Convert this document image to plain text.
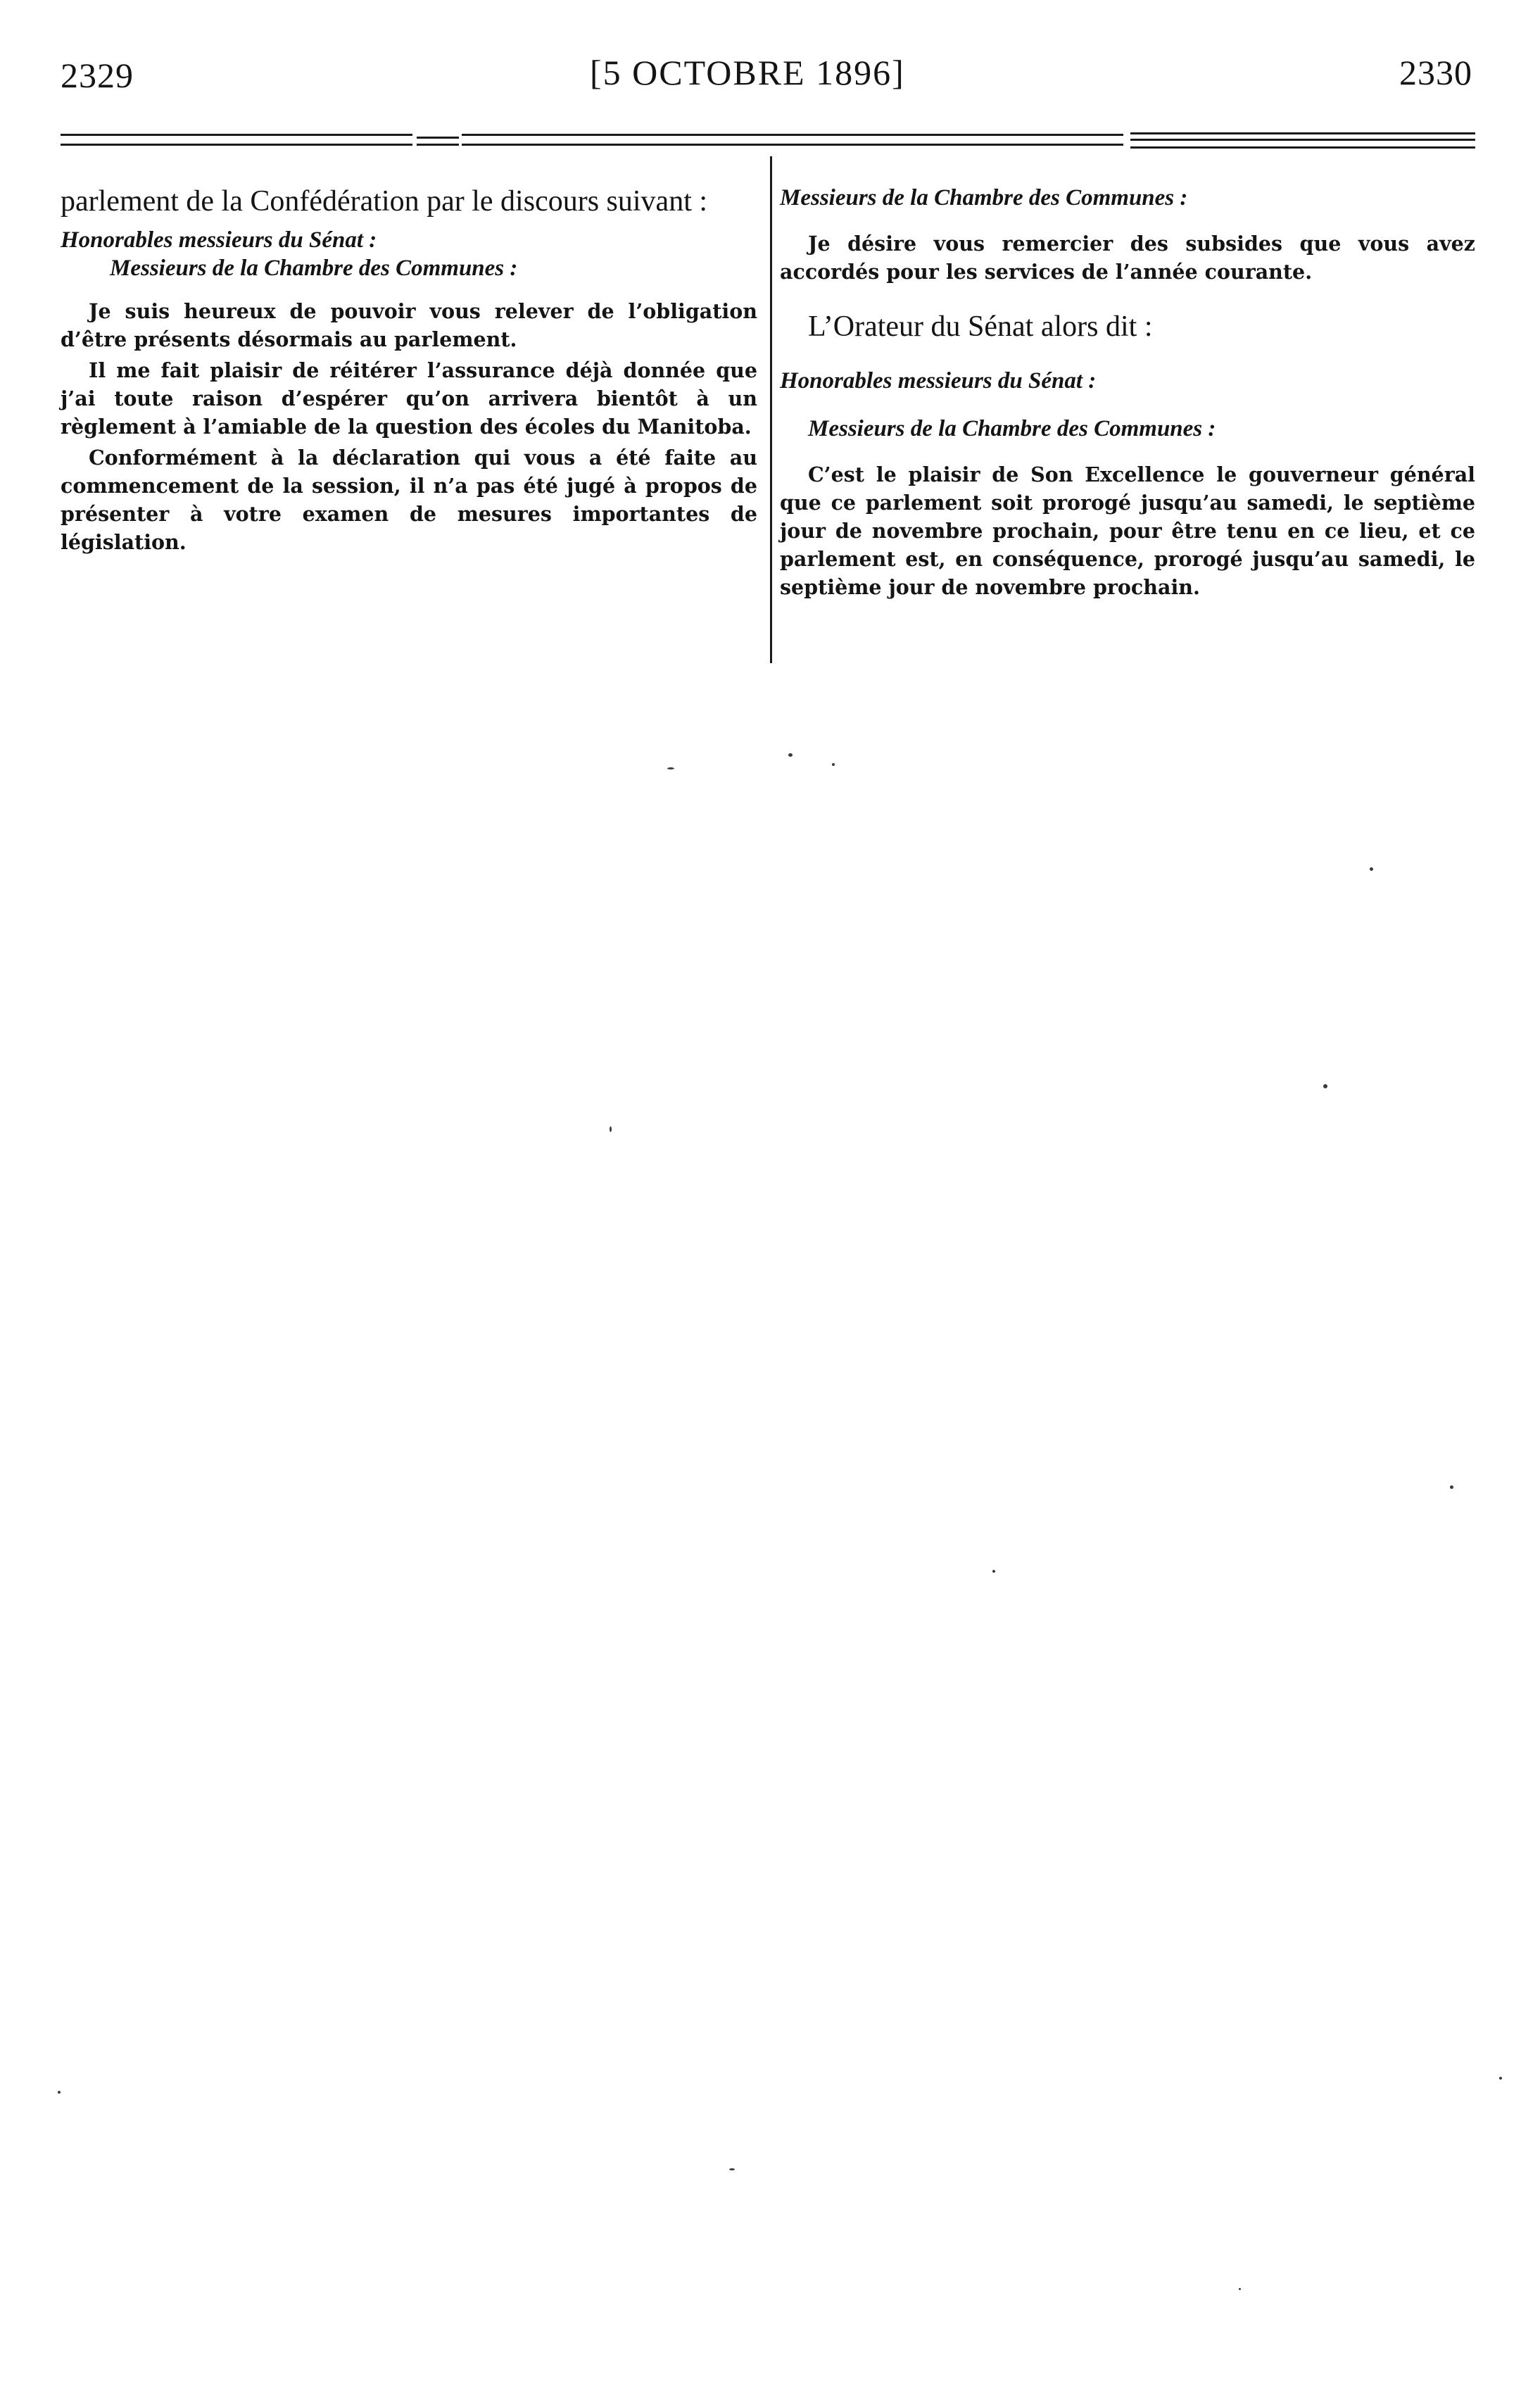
2329	[5 OCTOBRE 1896]	2330

parlement de la Confédération par le discours suivant :

Honorables messieurs du Sénat :

Messieurs de la Chambre des Communes :

Je suis heureux de pouvoir vous relever de l’obligation d’être présents désormais au parlement.

Il me fait plaisir de réitérer l’assurance déjà donnée que j’ai toute raison d’espérer qu’on arrivera bientôt à un règlement à l’amiable de la question des écoles du Manitoba.

Conformément à la déclaration qui vous a été faite au commencement de la session, il n’a pas été jugé à propos de présenter à votre examen de mesures importantes de législation.

Messieurs de la Chambre des Communes :

Je désire vous remercier des subsides que vous avez accordés pour les services de l’année courante.

L’Orateur du Sénat alors dit :

Honorables messieurs du Sénat :

Messieurs de la Chambre des Communes :

C’est le plaisir de Son Excellence le gouverneur général que ce parlement soit prorogé jusqu’au samedi, le septième jour de novembre prochain, pour être tenu en ce lieu, et ce parlement est, en conséquence, prorogé jusqu’au samedi, le septième jour de novembre prochain.
